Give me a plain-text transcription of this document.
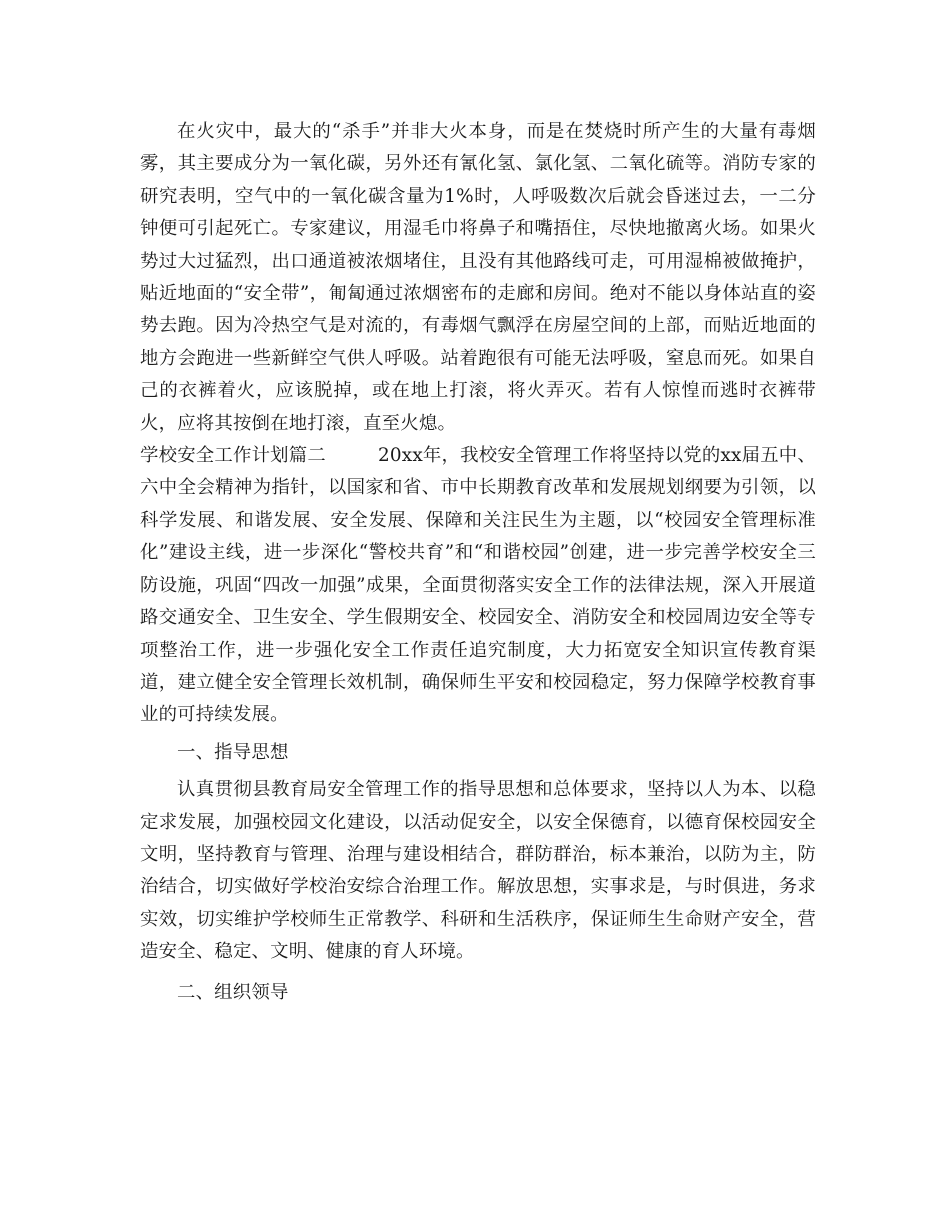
在火灾中，最大的“杀手”并非大火本身，而是在焚烧时所产生的大量有毒烟雾，其主要成分为一氧化碳，另外还有氰化氢、氯化氢、二氧化硫等。消防专家的研究表明，空气中的一氧化碳含量为1%时，人呼吸数次后就会昏迷过去，一二分钟便可引起死亡。专家建议，用湿毛巾将鼻子和嘴捂住，尽快地撤离火场。如果火势过大过猛烈，出口通道被浓烟堵住，且没有其他路线可走，可用湿棉被做掩护，贴近地面的“安全带”，匍匐通过浓烟密布的走廊和房间。绝对不能以身体站直的姿势去跑。因为冷热空气是对流的，有毒烟气飘浮在房屋空间的上部，而贴近地面的地方会跑进一些新鲜空气供人呼吸。站着跑很有可能无法呼吸，窒息而死。如果自己的衣裤着火，应该脱掉，或在地上打滚，将火弄灭。若有人惊惶而逃时衣裤带火，应将其按倒在地打滚，直至火熄。

学校安全工作计划篇二	20xx年，我校安全管理工作将坚持以党的xx届五中、六中全会精神为指针，以国家和省、市中长期教育改革和发展规划纲要为引领，以科学发展、和谐发展、安全发展、保障和关注民生为主题，以“校园安全管理标准化”建设主线，进一步深化“警校共育”和“和谐校园”创建，进一步完善学校安全三防设施，巩固“四改一加强”成果，全面贯彻落实安全工作的法律法规，深入开展道路交通安全、卫生安全、学生假期安全、校园安全、消防安全和校园周边安全等专项整治工作，进一步强化安全工作责任追究制度，大力拓宽安全知识宣传教育渠道，建立健全安全管理长效机制，确保师生平安和校园稳定，努力保障学校教育事业的可持续发展。

一、指导思想

认真贯彻县教育局安全管理工作的指导思想和总体要求，坚持以人为本、以稳定求发展，加强校园文化建设，以活动促安全，以安全保德育，以德育保校园安全文明，坚持教育与管理、治理与建设相结合，群防群治，标本兼治，以防为主，防治结合，切实做好学校治安综合治理工作。解放思想，实事求是，与时俱进，务求实效，切实维护学校师生正常教学、科研和生活秩序，保证师生生命财产安全，营造安全、稳定、文明、健康的育人环境。

二、组织领导
